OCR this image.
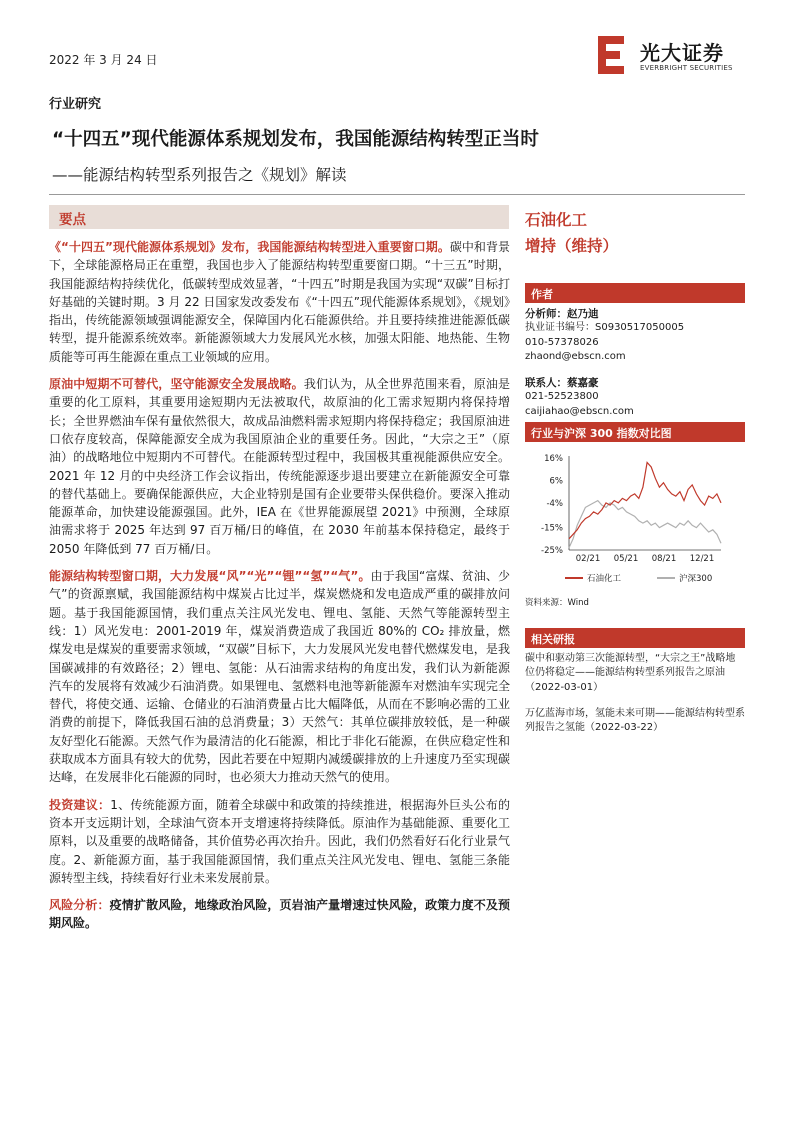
2022 年 3 月 24 日	光大证券
EVERBRIGHT SECURITIES
行业研究
“十四五”现代能源体系规划发布，我国能源结构转型正当时
——能源结构转型系列报告之《规划》解读
要点

《“十四五”现代能源体系规划》发布，我国能源结构转型进入重要窗口期。碳中和背景下，全球能源格局正在重塑，我国也步入了能源结构转型重要窗口期。“十三五”时期，我国能源结构持续优化，低碳转型成效显著，“十四五”时期是我国为实现“双碳”目标打好基础的关键时期。3 月 22 日国家发改委发布《“十四五”现代能源体系规划》，《规划》指出，传统能源领域强调能源安全，保障国内化石能源供给。并且要持续推进能源低碳转型，提升能源系统效率。新能源领域大力发展风光水核，加强太阳能、地热能、生物质能等可再生能源在重点工业领域的应用。

原油中短期不可替代，坚守能源安全发展战略。我们认为，从全世界范围来看，原油是重要的化工原料，其重要用途短期内无法被取代，故原油的化工需求短期内将保持增长；全世界燃油车保有量依然很大，故成品油燃料需求短期内将保持稳定；我国原油进口依存度较高，保障能源安全成为我国原油企业的重要任务。因此，“大宗之王”（原油）的战略地位中短期内不可替代。在能源转型过程中，我国极其重视能源供应安全。2021 年 12 月的中央经济工作会议指出，传统能源逐步退出要建立在新能源安全可靠的替代基础上。要确保能源供应，大企业特别是国有企业要带头保供稳价。要深入推动能源革命，加快建设能源强国。此外，IEA 在《世界能源展望 2021》中预测，全球原油需求将于 2025 年达到 97 百万桶/日的峰值，在 2030 年前基本保持稳定，最终于 2050 年降低到 77 百万桶/日。

能源结构转型窗口期，大力发展“风”“光”“锂”“氢”“气”。由于我国“富煤、贫油、少气”的资源禀赋，我国能源结构中煤炭占比过半，煤炭燃烧和发电造成严重的碳排放问题。基于我国能源国情，我们重点关注风光发电、锂电、氢能、天然气等能源转型主线：1）风光发电：2001-2019 年，煤炭消费造成了我国近 80%的 CO₂ 排放量，燃煤发电是煤炭的重要需求领域，“双碳”目标下，大力发展风光发电替代燃煤发电，是我国碳减排的有效路径；2）锂电、氢能：从石油需求结构的角度出发，我们认为新能源汽车的发展将有效减少石油消费。如果锂电、氢燃料电池等新能源车对燃油车实现完全替代，将使交通、运输、仓储业的石油消费量占比大幅降低，从而在不影响必需的工业消费的前提下，降低我国石油的总消费量；3）天然气：其单位碳排放较低，是一种碳友好型化石能源。天然气作为最清洁的化石能源，相比于非化石能源，在供应稳定性和获取成本方面具有较大的优势，因此若要在中短期内减缓碳排放的上升速度乃至实现碳达峰，在发展非化石能源的同时，也必须大力推动天然气的使用。

投资建议：1、传统能源方面，随着全球碳中和政策的持续推进，根据海外巨头公布的资本开支远期计划，全球油气资本开支增速将持续降低。原油作为基础能源、重要化工原料，以及重要的战略储备，其价值势必再次抬升。因此，我们仍然看好石化行业景气度。2、新能源方面，基于我国能源国情，我们重点关注风光发电、锂电、氢能三条能源转型主线，持续看好行业未来发展前景。

风险分析：疫情扩散风险，地缘政治风险，页岩油产量增速过快风险，政策力度不及预期风险。

石油化工
增持（维持）
作者
分析师：赵乃迪
执业证书编号：S0930517050005
010-57378026
zhaond@ebscn.com
联系人：蔡嘉豪
021-52523800
caijiahao@ebscn.com
行业与沪深 300 指数对比图
16%
6%
-4%
-15%
-25%
02/21 05/21 08/21 12/21
石油化工	沪深300
资料来源：Wind
相关研报
碳中和驱动第三次能源转型，“大宗之王”战略地位仍将稳定——能源结构转型系列报告之原油（2022-03-01）
万亿蓝海市场，氢能未来可期——能源结构转型系列报告之氢能（2022-03-22）
